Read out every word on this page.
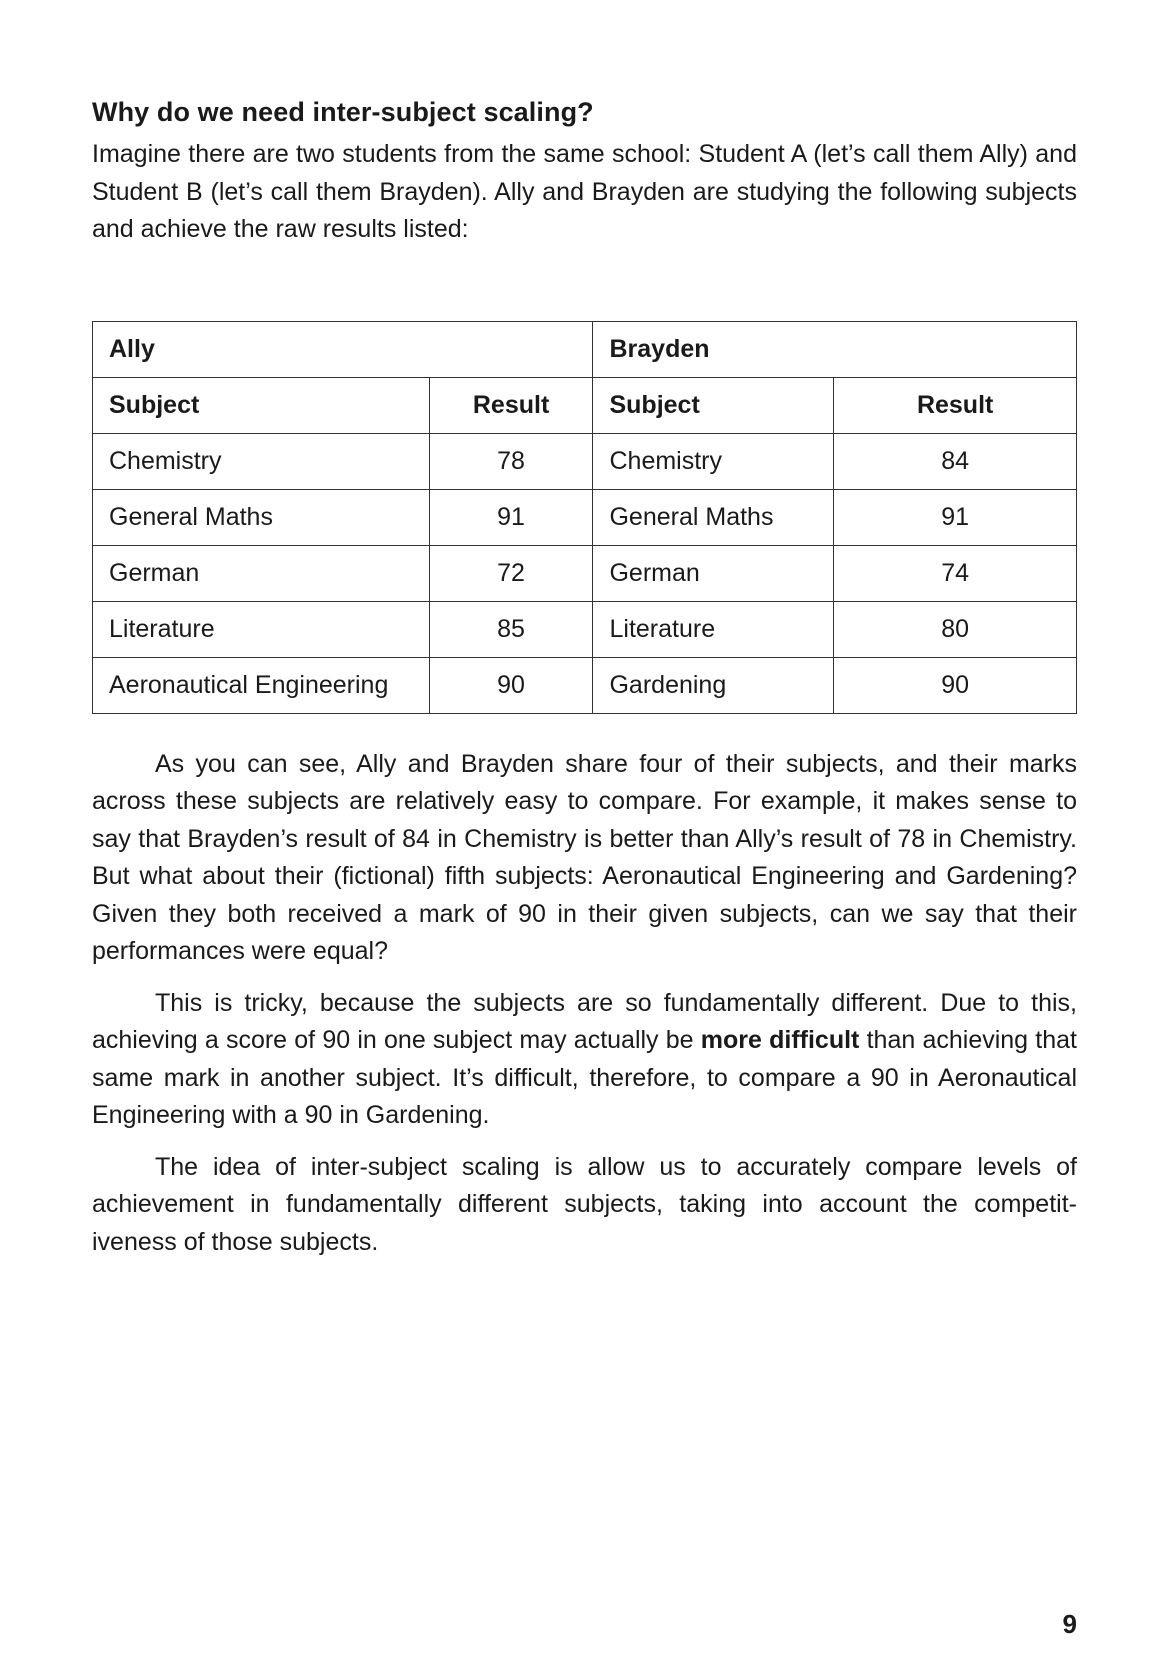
Why do we need inter-subject scaling?

Imagine there are two students from the same school: Student A (let’s call them Ally) and Student B (let’s call them Brayden). Ally and Brayden are studying the following subjects and achieve the raw results listed:

Ally		Brayden	
Subject	Result	Subject	Result
Chemistry	78	Chemistry	84
General Maths	91	General Maths	91
German	72	German	74
Literature	85	Literature	80
Aeronautical Engineering	90	Gardening	90

As you can see, Ally and Brayden share four of their subjects, and their marks across these subjects are relatively easy to compare. For example, it makes sense to say that Brayden’s result of 84 in Chemistry is better than Ally’s result of 78 in Chemistry. But what about their (fictional) fifth subjects: Aeronautical Engineering and Gardening? Given they both received a mark of 90 in their given subjects, can we say that their performances were equal?

This is tricky, because the subjects are so fundamentally different. Due to this, achieving a score of 90 in one subject may actually be more difficult than achieving that same mark in another subject. It’s difficult, therefore, to compare a 90 in Aeronautical Engineering with a 90 in Gardening.

The idea of inter-subject scaling is allow us to accurately compare levels of achievement in fundamentally different subjects, taking into account the competit- iveness of those subjects.

9
